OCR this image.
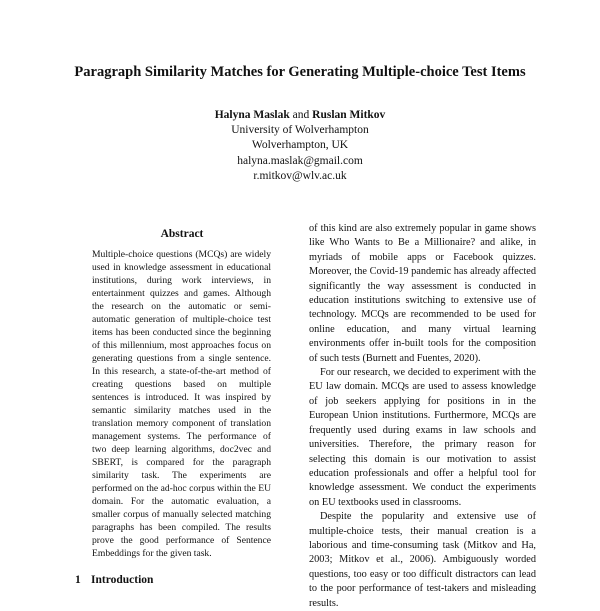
Paragraph Similarity Matches for Generating Multiple-choice Test Items
Halyna Maslak and Ruslan Mitkov
University of Wolverhampton
Wolverhampton, UK
halyna.maslak@gmail.com
r.mitkov@wlv.ac.uk
Abstract
Multiple-choice questions (MCQs) are widely used in knowledge assessment in educational institutions, during work interviews, in entertainment quizzes and games. Although the research on the automatic or semi-automatic generation of multiple-choice test items has been conducted since the beginning of this millennium, most approaches focus on generating questions from a single sentence. In this research, a state-of-the-art method of creating questions based on multiple sentences is introduced. It was inspired by semantic similarity matches used in the translation memory component of translation management systems. The performance of two deep learning algorithms, doc2vec and SBERT, is compared for the paragraph similarity task. The experiments are performed on the ad-hoc corpus within the EU domain. For the automatic evaluation, a smaller corpus of manually selected matching paragraphs has been compiled. The results prove the good performance of Sentence Embeddings for the given task.
1 Introduction

of this kind are also extremely popular in game shows like Who Wants to Be a Millionaire? and alike, in myriads of mobile apps or Facebook quizzes. Moreover, the Covid-19 pandemic has already affected significantly the way assessment is conducted in education institutions switching to extensive use of technology. MCQs are recommended to be used for online education, and many virtual learning environments offer in-built tools for the composition of such tests (Burnett and Fuentes, 2020).

For our research, we decided to experiment with the EU law domain. MCQs are used to assess knowledge of job seekers applying for positions in in the European Union institutions. Furthermore, MCQs are frequently used during exams in law schools and universities. Therefore, the primary reason for selecting this domain is our motivation to assist education professionals and offer a helpful tool for knowledge assessment. We conduct the experiments on EU textbooks used in classrooms.

Despite the popularity and extensive use of multiple-choice tests, their manual creation is a laborious and time-consuming task (Mitkov and Ha, 2003; Mitkov et al., 2006). Ambiguously worded questions, too easy or too difficult distractors can lead to the poor performance of test-takers and misleading results.
